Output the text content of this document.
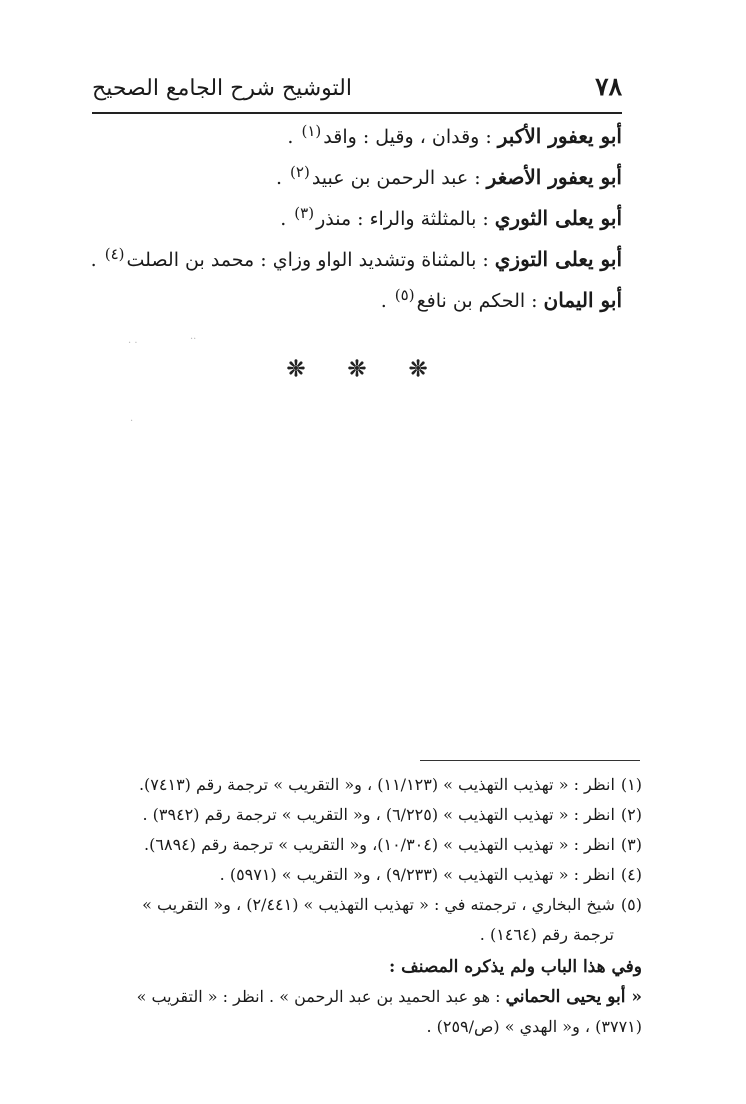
٧٨
التوشيح شرح الجامع الصحيح
أبو يعفور الأكبر:وقدان ، وقيل : واقد$^{(١)}$ .
أبو يعفور الأصغر:عبد الرحمن بن عبيد$^{(٢)}$ .
أبو يعلى الثوري:بالمثلثة والراء : منذر$^{(٣)}$ .
أبو يعلى التوزي:بالمثناة وتشديد الواو وزاي : محمد بن الصلت$^{(٤)}$ .
أبو اليمان:الحكم بن نافع$^{(٥)}$ .
· ·	··
·
❊ ❊ ❊
(١)انظر : « تهذيب التهذيب » (١١/١٢٣) ، و« التقريب » ترجمة رقم (٧٤١٣).
(٢)انظر : « تهذيب التهذيب » (٦/٢٢٥) ، و« التقريب » ترجمة رقم (٣٩٤٢) .
(٣)انظر : « تهذيب التهذيب » (١٠/٣٠٤)، و« التقريب » ترجمة رقم (٦٨٩٤).
(٤)انظر : « تهذيب التهذيب » (٩/٢٣٣) ، و« التقريب » (٥٩٧١) .
(٥)شيخ البخاري ، ترجمته في : « تهذيب التهذيب » (٢/٤٤١) ، و« التقريب »
ترجمة رقم (١٤٦٤) .
وفي هذا الباب ولم يذكره المصنف :
« أبو يحيى الحماني : هو عبد الحميد بن عبد الرحمن » . انظر : « التقريب »
(٣٧٧١) ، و« الهدي » (ص/٢٥٩) .
